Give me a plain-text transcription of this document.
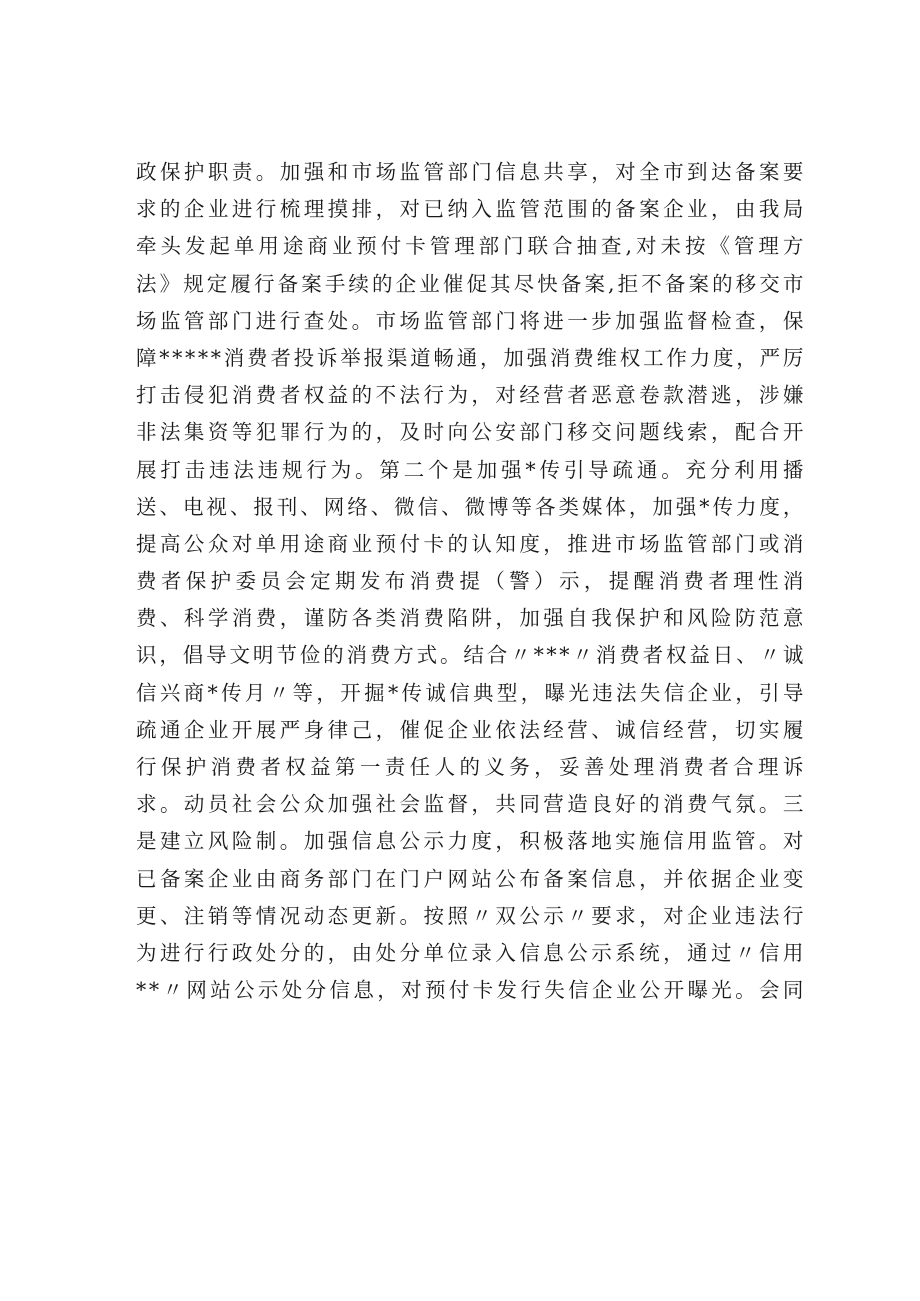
政保护职责。加强和市场监管部门信息共享，对全市到达备案要
求的企业进行梳理摸排，对已纳入监管范围的备案企业，由我局
牵头发起单用途商业预付卡管理部门联合抽查,对未按《管理方
法》规定履行备案手续的企业催促其尽快备案,拒不备案的移交市
场监管部门进行查处。市场监管部门将进一步加强监督检查，保
障*****消费者投诉举报渠道畅通，加强消费维权工作力度，严厉
打击侵犯消费者权益的不法行为，对经营者恶意卷款潜逃，涉嫌
非法集资等犯罪行为的，及时向公安部门移交问题线索，配合开
展打击违法违规行为。第二个是加强*传引导疏通。充分利用播
送、电视、报刊、网络、微信、微博等各类媒体，加强*传力度，
提高公众对单用途商业预付卡的认知度，推进市场监管部门或消
费者保护委员会定期发布消费提（警）示，提醒消费者理性消
费、科学消费，谨防各类消费陷阱，加强自我保护和风险防范意
识，倡导文明节俭的消费方式。结合〃***〃消费者权益日、〃诚
信兴商*传月〃等，开掘*传诚信典型，曝光违法失信企业，引导
疏通企业开展严身律己，催促企业依法经营、诚信经营，切实履
行保护消费者权益第一责任人的义务，妥善处理消费者合理诉
求。动员社会公众加强社会监督，共同营造良好的消费气氛。三
是建立风险制。加强信息公示力度，积极落地实施信用监管。对
已备案企业由商务部门在门户网站公布备案信息，并依据企业变
更、注销等情况动态更新。按照〃双公示〃要求，对企业违法行
为进行行政处分的，由处分单位录入信息公示系统，通过〃信用
**〃网站公示处分信息，对预付卡发行失信企业公开曝光。会同
